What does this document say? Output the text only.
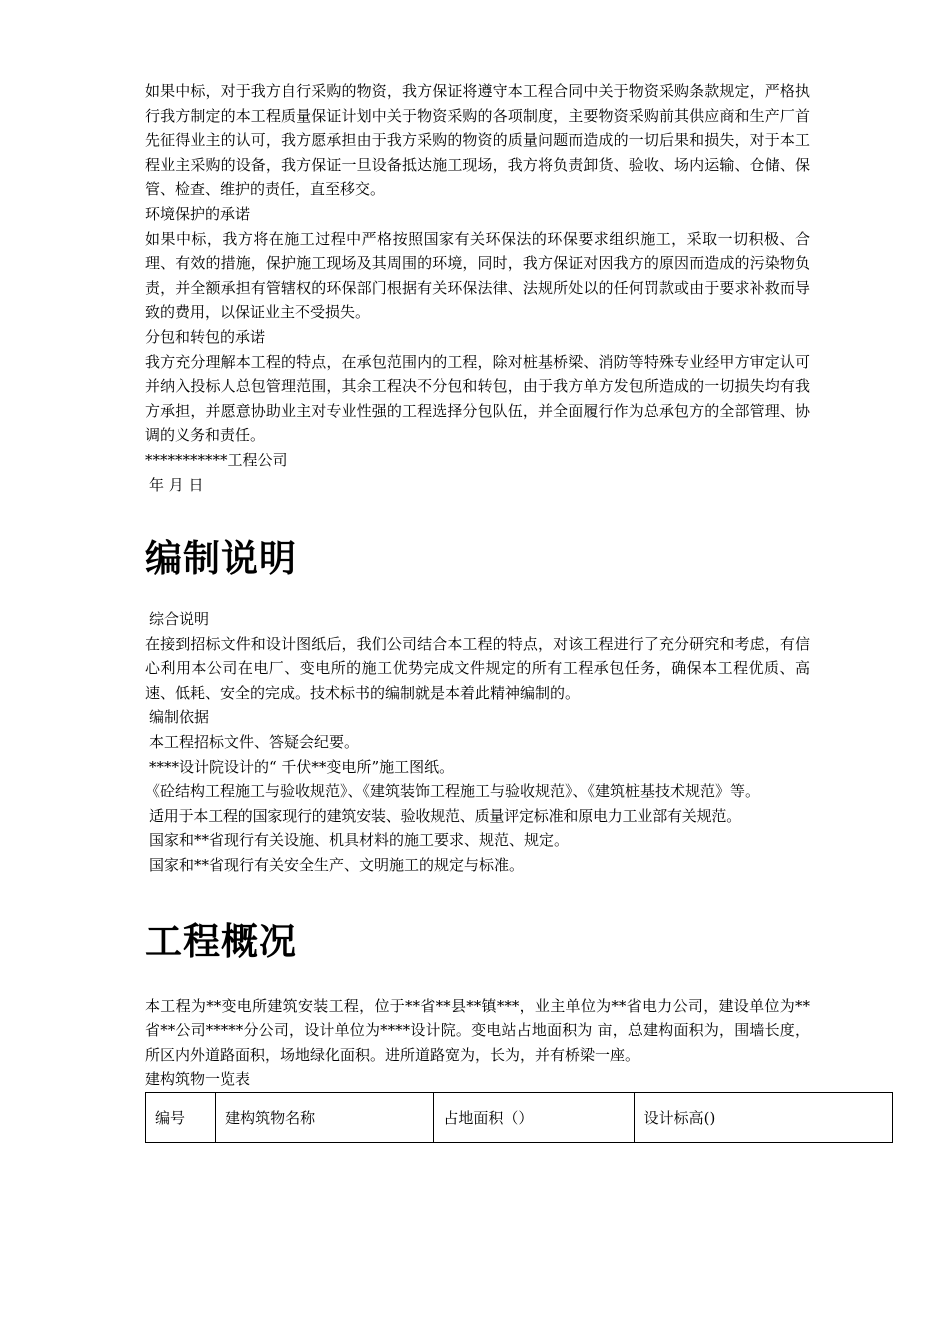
如果中标，对于我方自行采购的物资，我方保证将遵守本工程合同中关于物资采购条款规定，严格执行我方制定的本工程质量保证计划中关于物资采购的各项制度，主要物资采购前其供应商和生产厂首先征得业主的认可，我方愿承担由于我方采购的物资的质量问题而造成的一切后果和损失，对于本工程业主采购的设备，我方保证一旦设备抵达施工现场，我方将负责卸货、验收、场内运输、仓储、保管、检查、维护的责任，直至移交。

环境保护的承诺

如果中标，我方将在施工过程中严格按照国家有关环保法的环保要求组织施工，采取一切积极、合理、有效的措施，保护施工现场及其周围的环境，同时，我方保证对因我方的原因而造成的污染物负责，并全额承担有管辖权的环保部门根据有关环保法律、法规所处以的任何罚款或由于要求补救而导致的费用，以保证业主不受损失。

分包和转包的承诺

我方充分理解本工程的特点，在承包范围内的工程，除对桩基桥梁、消防等特殊专业经甲方审定认可并纳入投标人总包管理范围，其余工程决不分包和转包，由于我方单方发包所造成的一切损失均有我方承担，并愿意协助业主对专业性强的工程选择分包队伍，并全面履行作为总承包方的全部管理、协调的义务和责任。

***********工程公司

年 月 日

编制说明

综合说明

在接到招标文件和设计图纸后，我们公司结合本工程的特点，对该工程进行了充分研究和考虑，有信心利用本公司在电厂、变电所的施工优势完成文件规定的所有工程承包任务，确保本工程优质、高速、低耗、安全的完成。技术标书的编制就是本着此精神编制的。

编制依据

本工程招标文件、答疑会纪要。

****设计院设计的“ 千伏**变电所”施工图纸。

《砼结构工程施工与验收规范》、《建筑装饰工程施工与验收规范》、《建筑桩基技术规范》等。

适用于本工程的国家现行的建筑安装、验收规范、质量评定标准和原电力工业部有关规范。

国家和**省现行有关设施、机具材料的施工要求、规范、规定。

国家和**省现行有关安全生产、文明施工的规定与标准。

工程概况

本工程为**变电所建筑安装工程，位于**省**县**镇***，业主单位为**省电力公司，建设单位为**省**公司*****分公司，设计单位为****设计院。变电站占地面积为 亩，总建构面积为，围墙长度，所区内外道路面积，场地绿化面积。进所道路宽为，长为，并有桥梁一座。

建构筑物一览表

编号	建构筑物名称	占地面积（）	设计标高()
